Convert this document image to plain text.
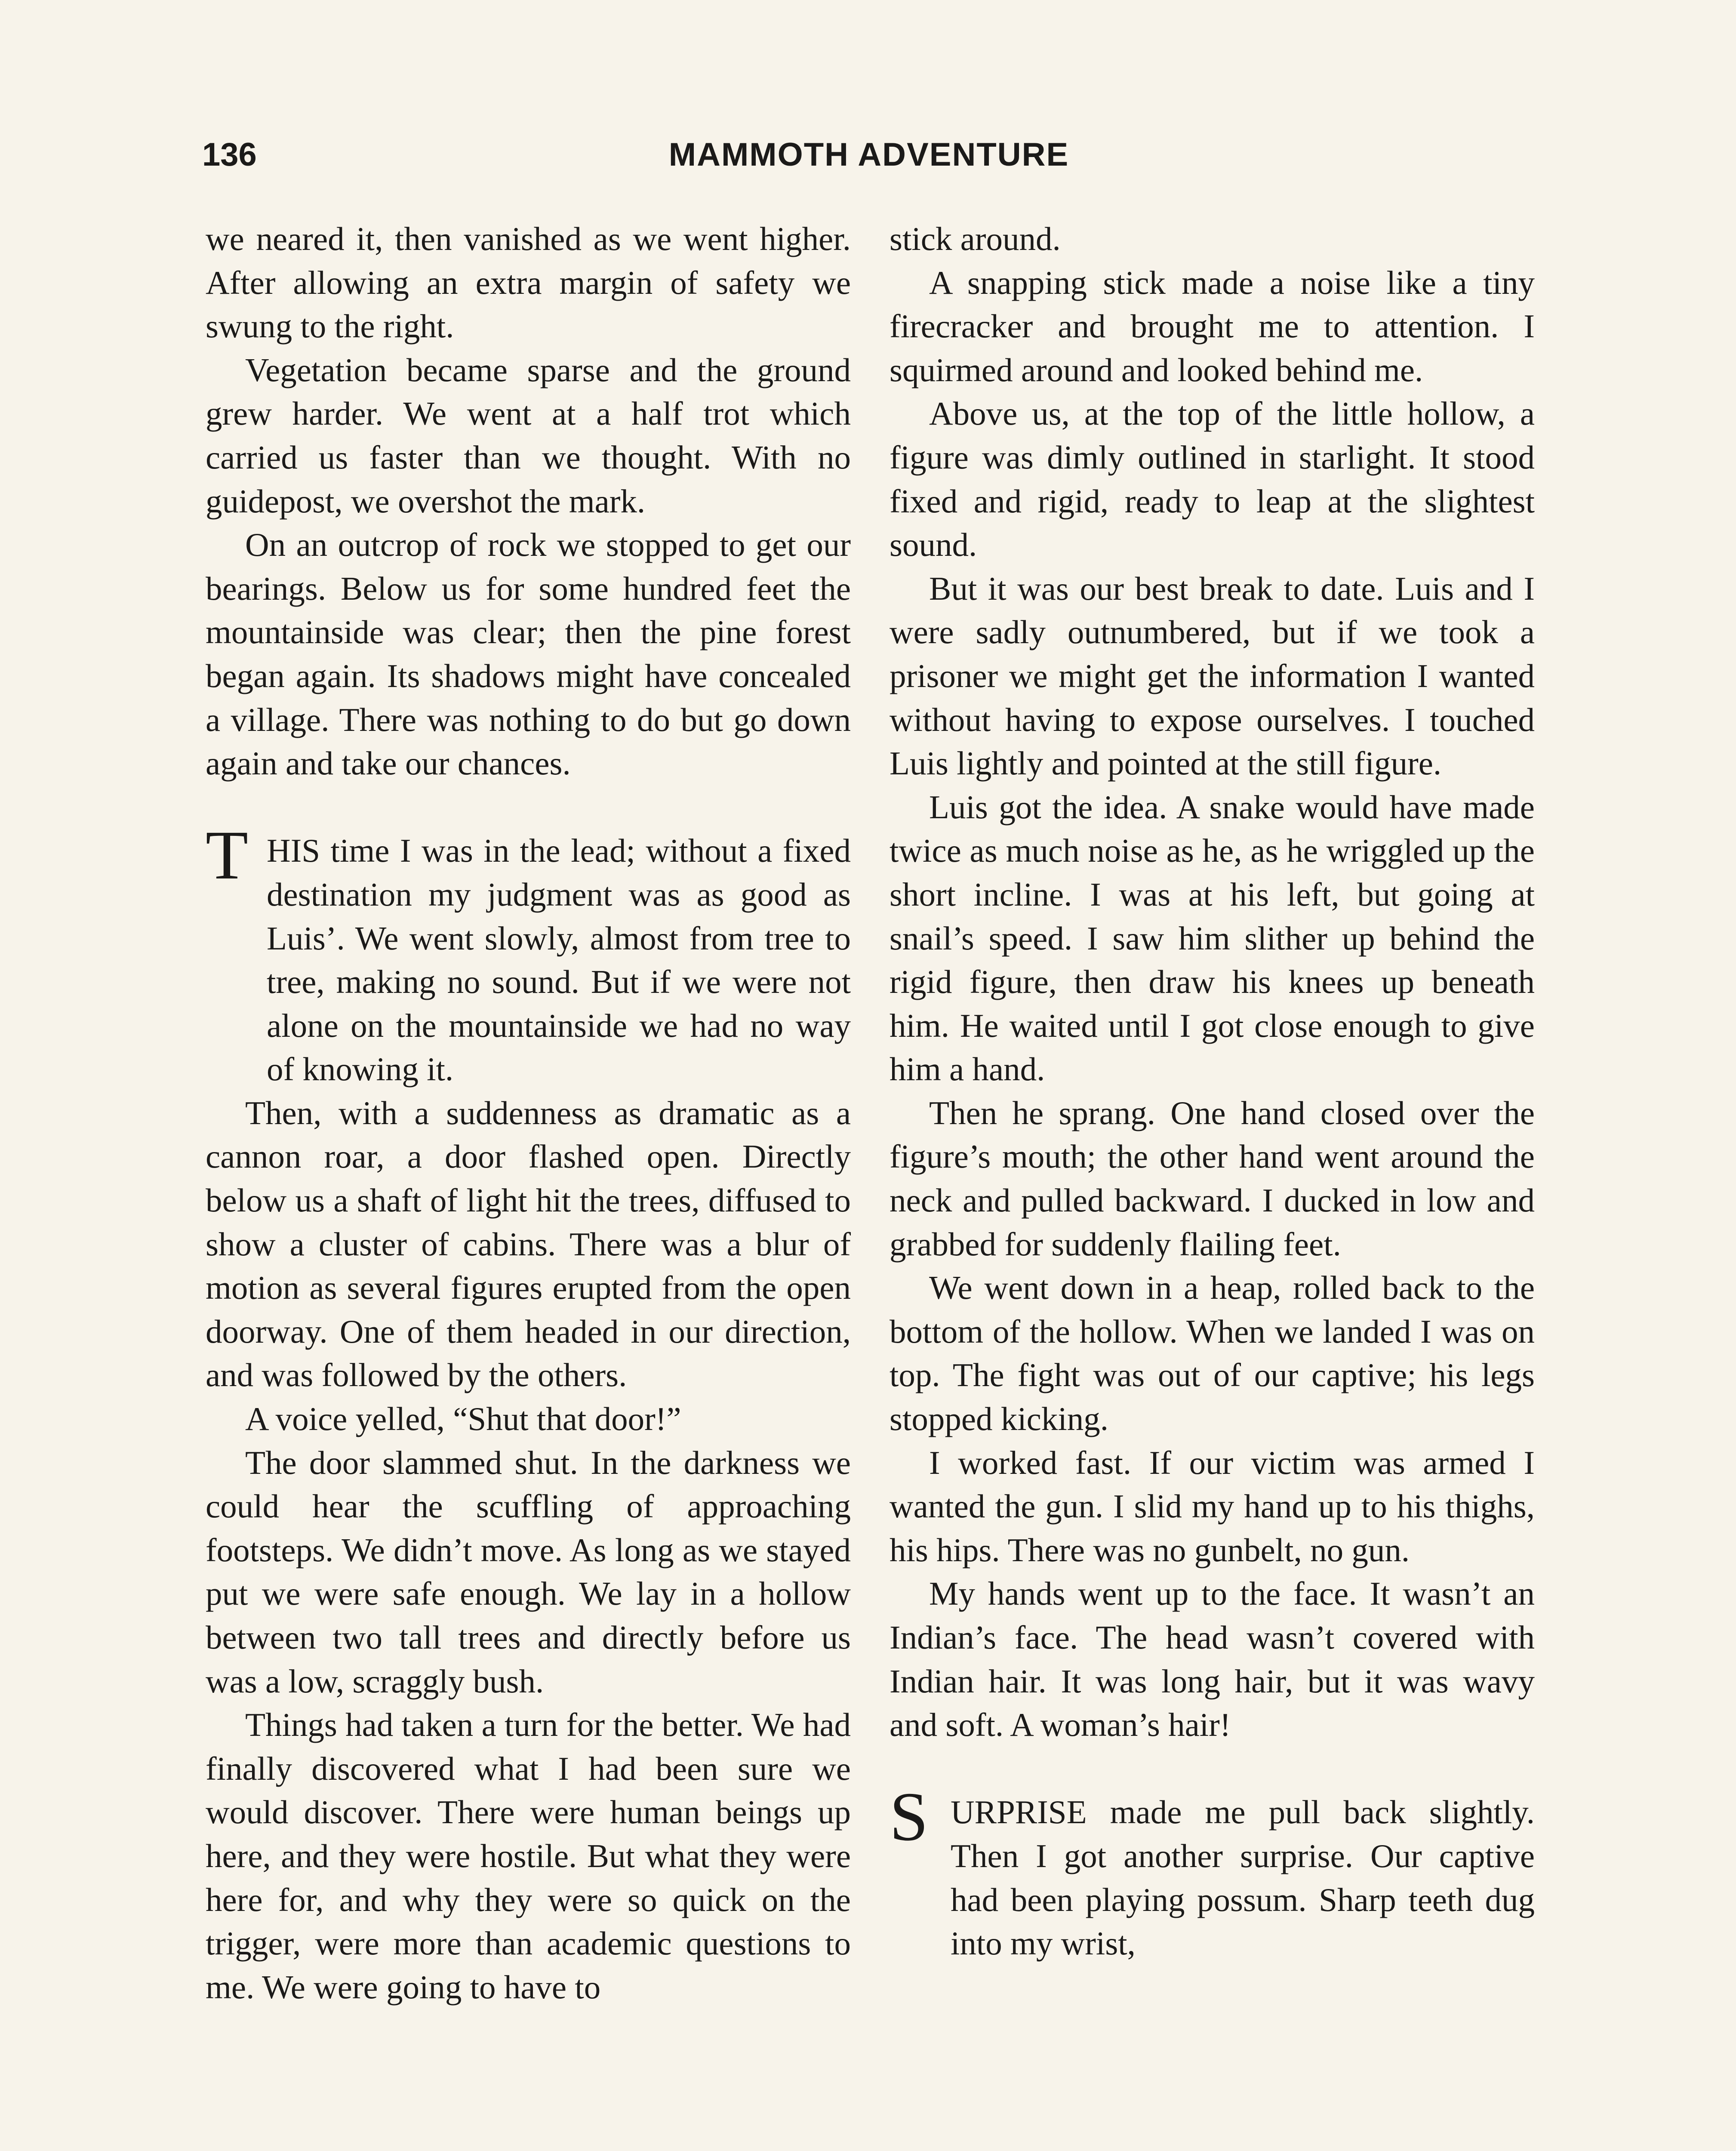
136	MAMMOTH ADVENTURE

we neared it, then vanished as we went higher. After allowing an extra margin of safety we swung to the right.

Vegetation became sparse and the ground grew harder. We went at a half trot which carried us faster than we thought. With no guidepost, we overshot the mark.

On an outcrop of rock we stopped to get our bearings. Below us for some hundred feet the mountainside was clear; then the pine forest began again. Its shadows might have concealed a village. There was nothing to do but go down again and take our chances.

THIS time I was in the lead; without a fixed destination my judgment was as good as Luis’. We went slowly, almost from tree to tree, making no sound. But if we were not alone on the mountainside we had no way of knowing it.

Then, with a suddenness as dramatic as a cannon roar, a door flashed open. Directly below us a shaft of light hit the trees, diffused to show a cluster of cabins. There was a blur of motion as several figures erupted from the open doorway. One of them headed in our direction, and was followed by the others.

A voice yelled, “Shut that door!”

The door slammed shut. In the darkness we could hear the scuffling of approaching footsteps. We didn’t move. As long as we stayed put we were safe enough. We lay in a hollow between two tall trees and directly before us was a low, scraggly bush.

Things had taken a turn for the better. We had finally discovered what I had been sure we would discover. There were human beings up here, and they were hostile. But what they were here for, and why they were so quick on the trigger, were more than academic questions to me. We were going to have to

stick around.

A snapping stick made a noise like a tiny firecracker and brought me to attention. I squirmed around and looked behind me.

Above us, at the top of the little hollow, a figure was dimly outlined in starlight. It stood fixed and rigid, ready to leap at the slightest sound.

But it was our best break to date. Luis and I were sadly outnumbered, but if we took a prisoner we might get the information I wanted without having to expose ourselves. I touched Luis lightly and pointed at the still figure.

Luis got the idea. A snake would have made twice as much noise as he, as he wriggled up the short incline. I was at his left, but going at snail’s speed. I saw him slither up behind the rigid figure, then draw his knees up beneath him. He waited until I got close enough to give him a hand.

Then he sprang. One hand closed over the figure’s mouth; the other hand went around the neck and pulled backward. I ducked in low and grabbed for suddenly flailing feet.

We went down in a heap, rolled back to the bottom of the hollow. When we landed I was on top. The fight was out of our captive; his legs stopped kicking.

I worked fast. If our victim was armed I wanted the gun. I slid my hand up to his thighs, his hips. There was no gunbelt, no gun.

My hands went up to the face. It wasn’t an Indian’s face. The head wasn’t covered with Indian hair. It was long hair, but it was wavy and soft. A woman’s hair!

SURPRISE made me pull back slightly. Then I got another surprise. Our captive had been playing possum. Sharp teeth dug into my wrist,
